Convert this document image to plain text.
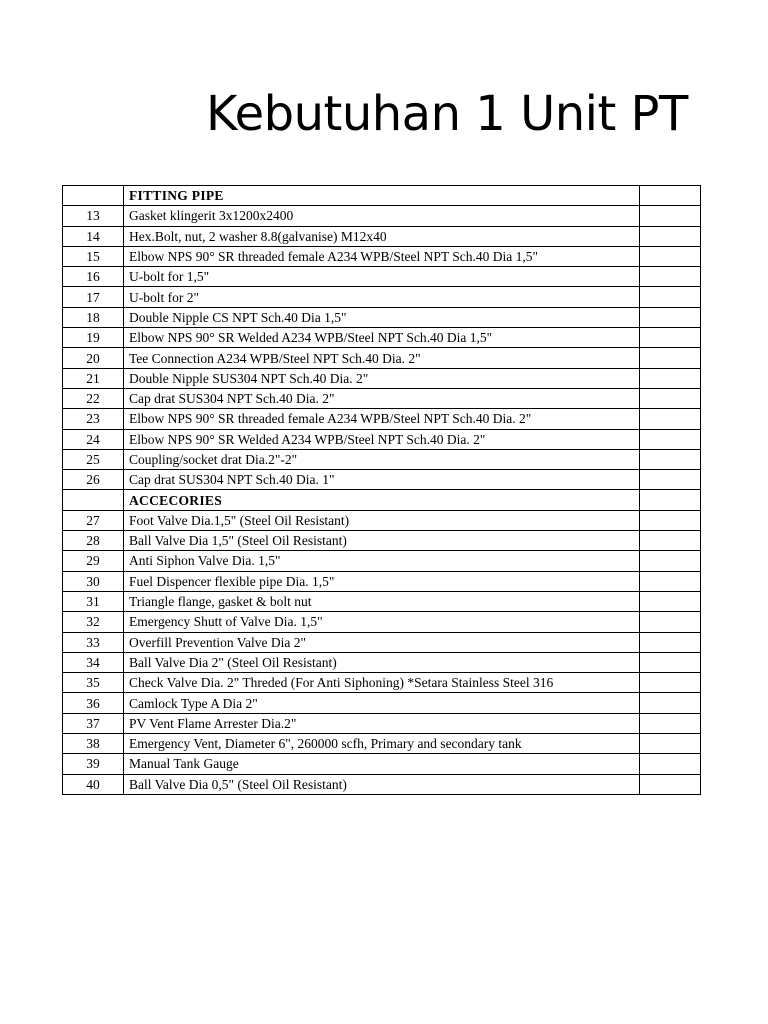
Kebutuhan 1 Unit PT
	FITTING PIPE	
13	Gasket klingerit 3x1200x2400	
14	Hex.Bolt, nut, 2 washer 8.8(galvanise) M12x40	
15	Elbow NPS 90° SR threaded female A234 WPB/Steel NPT Sch.40 Dia 1,5"	
16	U-bolt for 1,5"	
17	U-bolt for 2"	
18	Double Nipple CS NPT Sch.40 Dia 1,5"	
19	Elbow NPS 90° SR Welded A234 WPB/Steel NPT Sch.40 Dia 1,5"	
20	Tee Connection A234 WPB/Steel NPT Sch.40 Dia. 2"	
21	Double Nipple SUS304 NPT Sch.40 Dia. 2"	
22	Cap drat SUS304 NPT Sch.40 Dia. 2"	
23	Elbow NPS 90° SR threaded female A234 WPB/Steel NPT Sch.40 Dia. 2"	
24	Elbow NPS 90° SR Welded A234 WPB/Steel NPT Sch.40 Dia. 2"	
25	Coupling/socket drat Dia.2"-2"	
26	Cap drat SUS304 NPT Sch.40 Dia. 1"	
	ACCECORIES	
27	Foot Valve Dia.1,5" (Steel Oil Resistant)	
28	Ball Valve Dia 1,5" (Steel Oil Resistant)	
29	Anti Siphon Valve Dia. 1,5"	
30	Fuel Dispencer flexible pipe Dia. 1,5"	
31	Triangle flange, gasket & bolt nut	
32	Emergency Shutt of Valve Dia. 1,5"	
33	Overfill Prevention Valve Dia 2"	
34	Ball Valve Dia 2" (Steel Oil Resistant)	
35	Check Valve Dia. 2" Threded (For Anti Siphoning) *Setara Stainless Steel 316	
36	Camlock Type A Dia 2"	
37	PV Vent Flame Arrester Dia.2"	
38	Emergency Vent, Diameter 6", 260000 scfh, Primary and secondary tank	
39	Manual Tank Gauge	
40	Ball Valve Dia 0,5" (Steel Oil Resistant)	
